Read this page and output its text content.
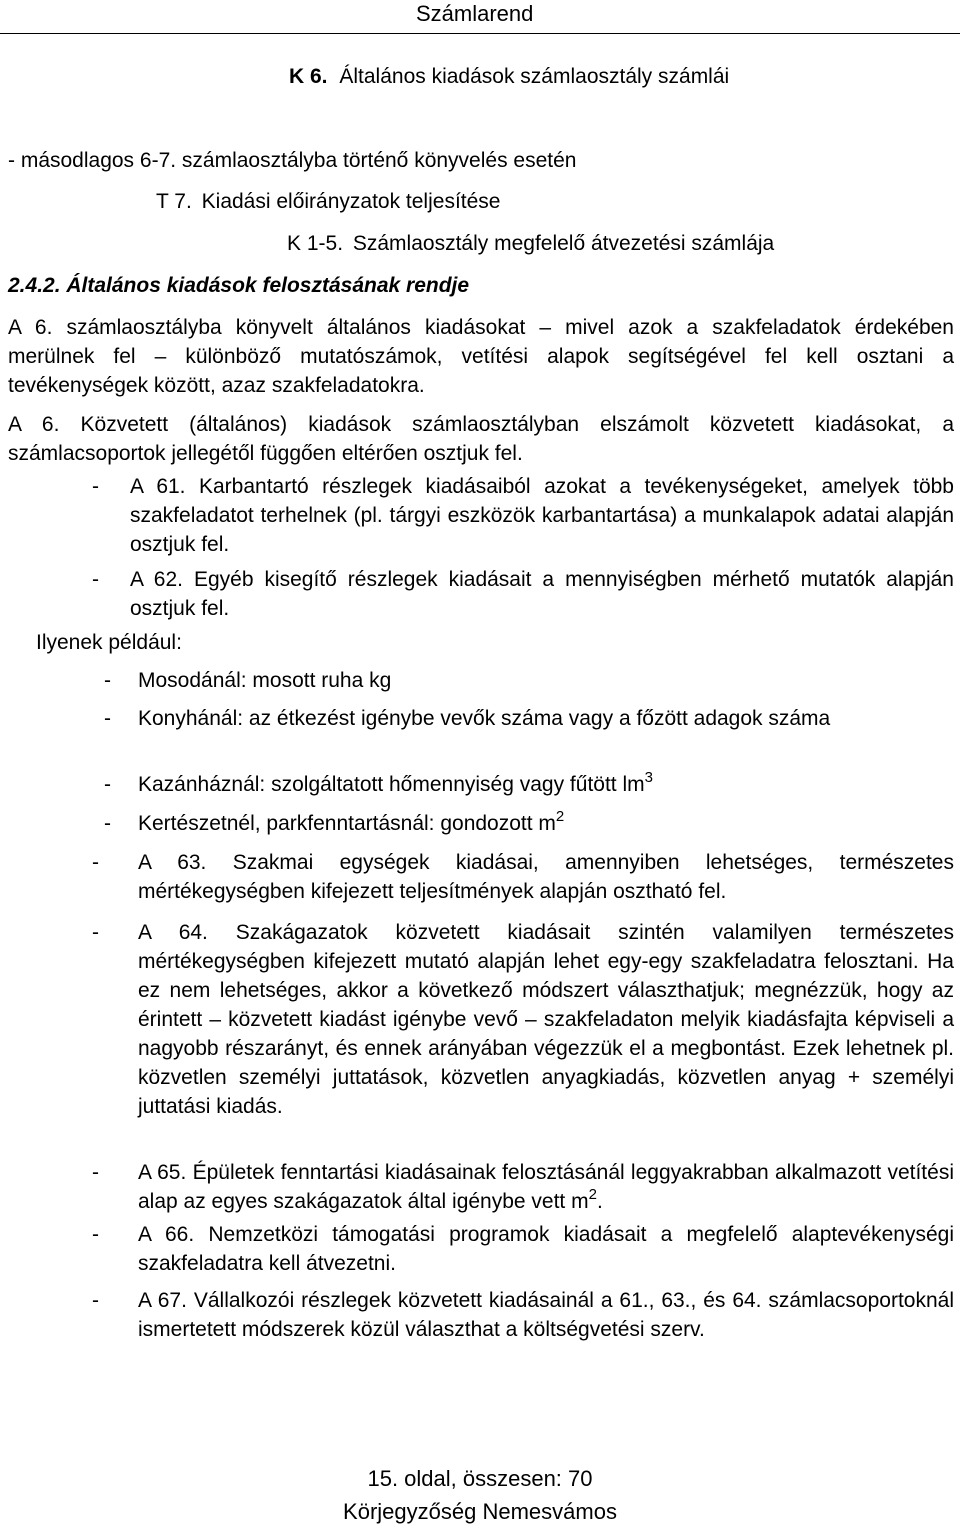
Számlarend
K 6. Általános kiadások számlaosztály számlái
- másodlagos 6-7. számlaosztályba történő könyvelés esetén
T 7. Kiadási előirányzatok teljesítése
K 1-5. Számlaosztály megfelelő átvezetési számlája
2.4.2. Általános kiadások felosztásának rendje
A 6. számlaosztályba könyvelt általános kiadásokat – mivel azok a szakfeladatok érdekében merülnek fel – különböző mutatószámok, vetítési alapok segítségével fel kell osztani a tevékenységek között, azaz szakfeladatokra.
A 6. Közvetett (általános) kiadások számlaosztályban elszámolt közvetett kiadásokat, a számlacsoportok jellegétől függően eltérően osztjuk fel.
- A 61. Karbantartó részlegek kiadásaiból azokat a tevékenységeket, amelyek több szakfeladatot terhelnek (pl. tárgyi eszközök karbantartása) a munkalapok adatai alapján osztjuk fel.
- A 62. Egyéb kisegítő részlegek kiadásait a mennyiségben mérhető mutatók alapján osztjuk fel.
Ilyenek például:
- Mosodánál: mosott ruha kg
- Konyhánál: az étkezést igénybe vevők száma vagy a főzött adagok száma
- Kazánháznál: szolgáltatott hőmennyiség vagy fűtött $lm^3$
- Kertészetnél, parkfenntartásnál: gondozott $m^2$
- A 63. Szakmai egységek kiadásai, amennyiben lehetséges, természetes mértékegységben kifejezett teljesítmények alapján osztható fel.
- A 64. Szakágazatok közvetett kiadásait szintén valamilyen természetes mértékegységben kifejezett mutató alapján lehet egy-egy szakfeladatra felosztani. Ha ez nem lehetséges, akkor a következő módszert választhatjuk; megnézzük, hogy az érintett – közvetett kiadást igénybe vevő – szakfeladaton melyik kiadásfajta képviseli a nagyobb részarányt, és ennek arányában végezzük el a megbontást. Ezek lehetnek pl. közvetlen személyi juttatások, közvetlen anyagkiadás, közvetlen anyag + személyi juttatási kiadás.
- A 65. Épületek fenntartási kiadásainak felosztásánál leggyakrabban alkalmazott vetítési alap az egyes szakágazatok által igénybe vett $m^2$.
- A 66. Nemzetközi támogatási programok kiadásait a megfelelő alaptevékenységi szakfeladatra kell átvezetni.
- A 67. Vállalkozói részlegek közvetett kiadásainál a 61., 63., és 64. számlacsoportoknál ismertetett módszerek közül választhat a költségvetési szerv.
15. oldal, összesen: 70
Körjegyzőség Nemesvámos
